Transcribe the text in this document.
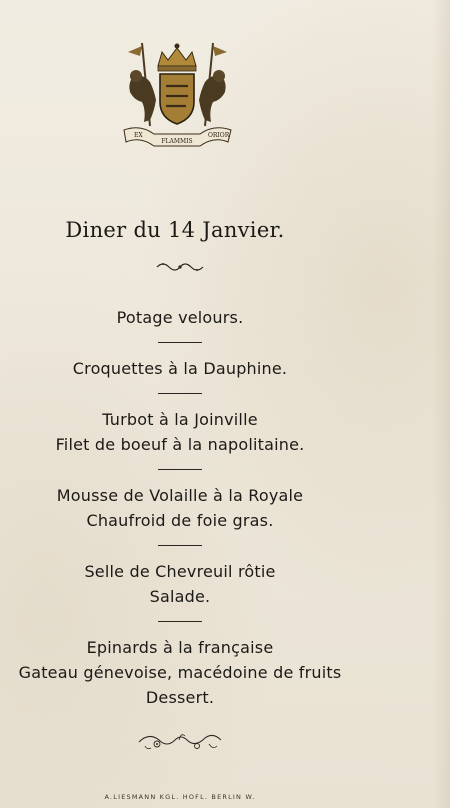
EX
FLAMMIS
ORIOR
Diner du 14 Janvier.
Potage velours.
Croquettes à la Dauphine.
Turbot à la Joinville
Filet de boeuf à la napolitaine.
Mousse de Volaille à la Royale
Chaufroid de foie gras.
Selle de Chevreuil rôtie
Salade.
Epinards à la française
Gateau génevoise, macédoine de fruits
Dessert.
A.LIESMANN KGL. HOFL. BERLIN W.
